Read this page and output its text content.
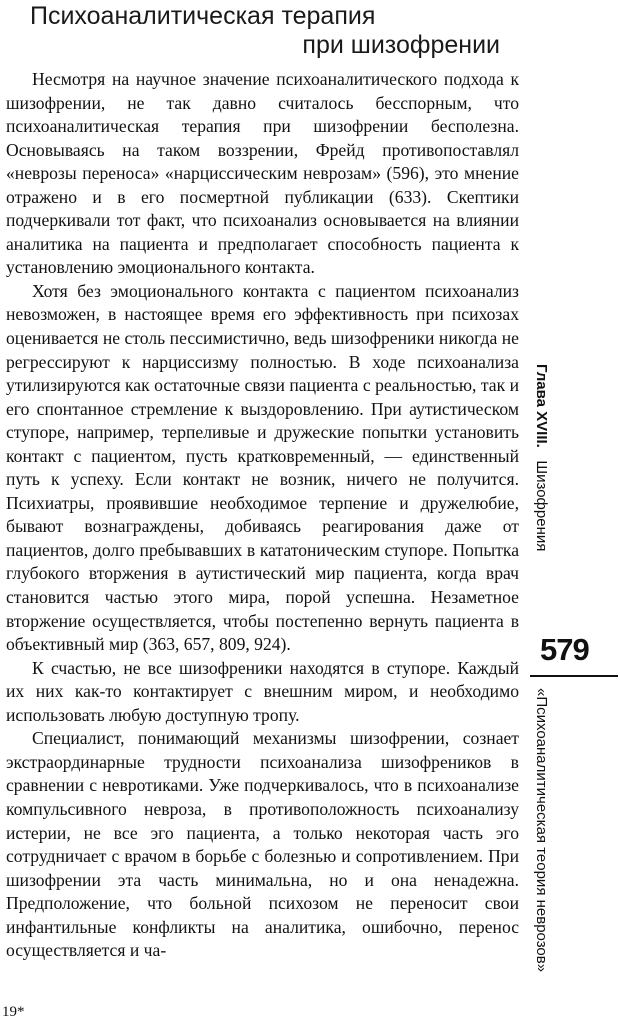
Психоаналитическая терапия
при шизофрении

Несмотря на научное значение психоаналитического подхода к шизофрении, не так давно считалось бесспорным, что психоаналитическая терапия при шизофрении бесполезна. Основываясь на таком воззрении, Фрейд противопоставлял «неврозы переноса» «нарциссическим неврозам» (596), это мнение отражено и в его посмертной публикации (633). Скептики подчеркивали тот факт, что психоанализ основывается на влиянии аналитика на пациента и предполагает способность пациента к установлению эмоционального контакта.

Хотя без эмоционального контакта с пациентом психоанализ невозможен, в настоящее время его эффективность при психозах оценивается не столь пессимистично, ведь шизофреники никогда не регрессируют к нарциссизму полностью. В ходе психоанализа утилизируются как остаточные связи пациента с реальностью, так и его спонтанное стремление к выздоровлению. При аутистическом ступоре, например, терпеливые и дружеские попытки установить контакт с пациентом, пусть кратковременный, — единственный путь к успеху. Если контакт не возник, ничего не получится. Психиатры, проявившие необходимое терпение и дружелюбие, бывают вознаграждены, добиваясь реагирования даже от пациентов, долго пребывавших в кататоническим ступоре. Попытка глубокого вторжения в аутистический мир пациента, когда врач становится частью этого мира, порой успешна. Незаметное вторжение осуществляется, чтобы постепенно вернуть пациента в объективный мир (363, 657, 809, 924).

К счастью, не все шизофреники находятся в ступоре. Каждый их них как-то контактирует с внешним миром, и необходимо использовать любую доступную тропу.

Специалист, понимающий механизмы шизофрении, сознает экстраординарные трудности психоанализа шизофреников в сравнении с невротиками. Уже подчеркивалось, что в психоанализе компульсивного невроза, в противоположность психоанализу истерии, не все эго пациента, а только некоторая часть эго сотрудничает с врачом в борьбе с болезнью и сопротивлением. При шизофрении эта часть минимальна, но и она ненадежна. Предположение, что больной психозом не переносит свои инфантильные конфликты на аналитика, ошибочно, перенос осуществляется и ча-

Глава XVIII.   Шизофрения
579
«Психоаналитическая теория неврозов»
19*
